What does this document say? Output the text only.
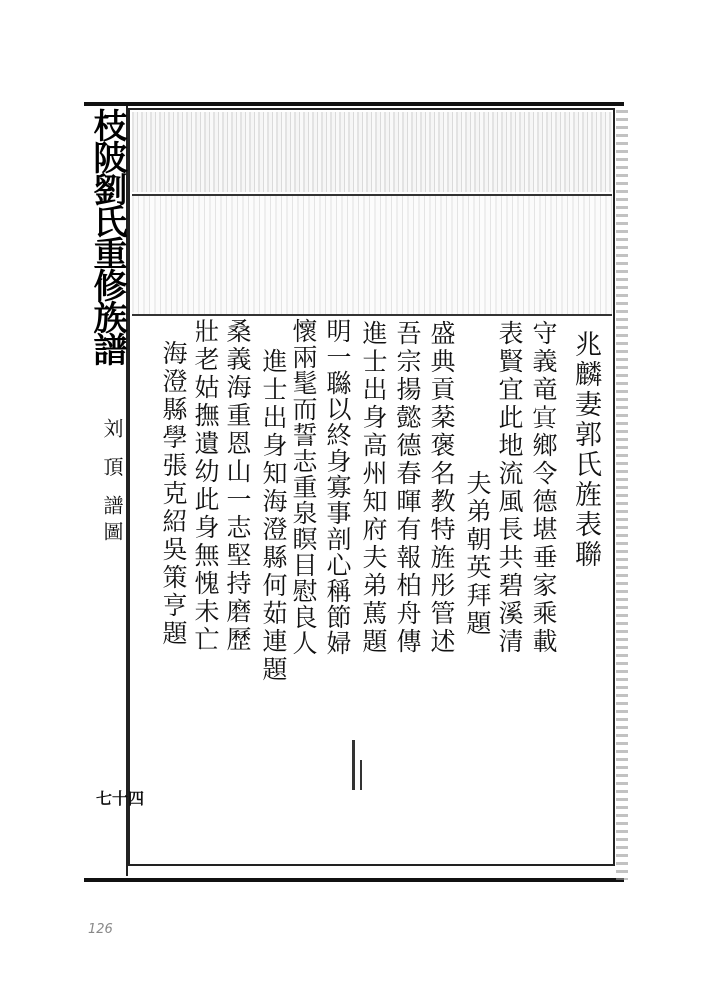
枝陂劉氏重修族譜
刘 頂 譜圖
七十四
兆麟妻郭氏旌表聯
守義竜𡨋鄉令德堪垂家乘載
表賢宜此地流風長共碧溪清
夫弟朝英拜題
盛典貢棻褒名教特旌彤管述
吾宗揚懿德春暉有報柏舟傳
進士出身高州知府夫弟䔍題
明一䏈以終身寡事剖心稱節婦
懷兩髦而誓志重泉瞑目慰良人
進士出身知海澄縣何茹連題
桑義海重恩山一志堅持磨歷
壯老姑撫遺幼此身無愧未亡
海澄縣學張克紹吳策亨題
126
